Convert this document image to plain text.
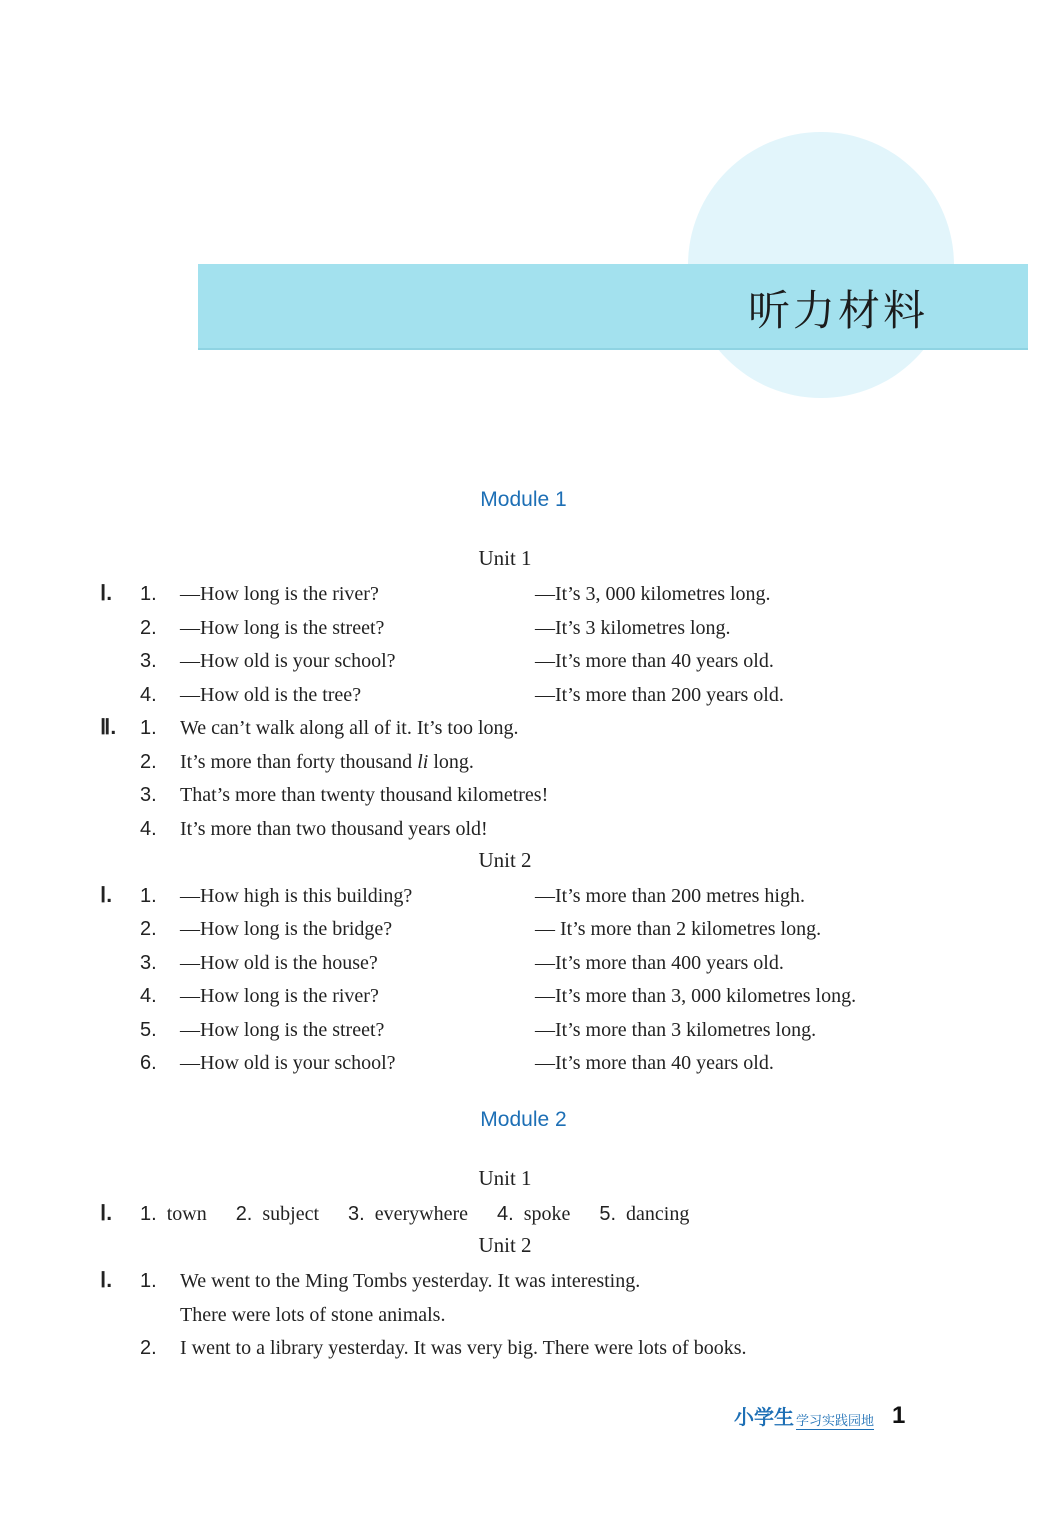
听力材料
Module 1
Unit 1
Ⅰ. 1.	—How long is the river?	—It’s 3, 000 kilometres long.
2.	—How long is the street?	—It’s 3 kilometres long.
3.	—How old is your school?	—It’s more than 40 years old.
4.	—How old is the tree?	—It’s more than 200 years old.
Ⅱ. 1.	We can’t walk along all of it. It’s too long.
2.	It’s more than forty thousand li long.
3.	That’s more than twenty thousand kilometres!
4.	It’s more than two thousand years old!
Unit 2
Ⅰ. 1.	—How high is this building?	—It’s more than 200 metres high.
2.	—How long is the bridge?	— It’s more than 2 kilometres long.
3.	—How old is the house?	—It’s more than 400 years old.
4.	—How long is the river?	—It’s more than 3, 000 kilometres long.
5.	—How long is the street?	—It’s more than 3 kilometres long.
6.	—How old is your school?	—It’s more than 40 years old.
Module 2
Unit 1
Ⅰ. 1. town 2. subject 3. everywhere 4. spoke 5. dancing
Unit 2
Ⅰ. 1.	We went to the Ming Tombs yesterday. It was interesting.
There were lots of stone animals.
2.	I went to a library yesterday. It was very big. There were lots of books.
小学生 学习实践园地 1
